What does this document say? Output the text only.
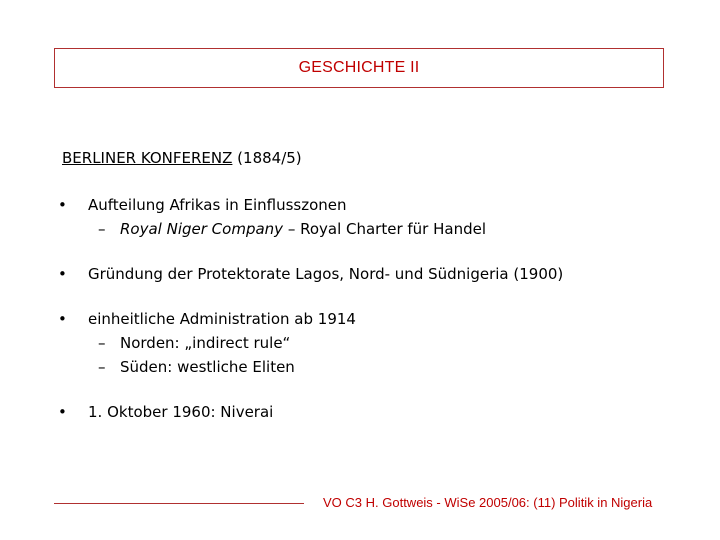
GESCHICHTE II
BERLINER KONFERENZ (1884/5)
• Aufteilung Afrikas in Einflusszonen
– Royal Niger Company – Royal Charter für Handel
• Gründung der Protektorate Lagos, Nord- und Südnigeria (1900)
• einheitliche Administration ab 1914
– Norden: „indirect rule“
– Süden: westliche Eliten
• 1. Oktober 1960: Niverai
VO C3 H. Gottweis - WiSe 2005/06: (11) Politik in Nigeria
